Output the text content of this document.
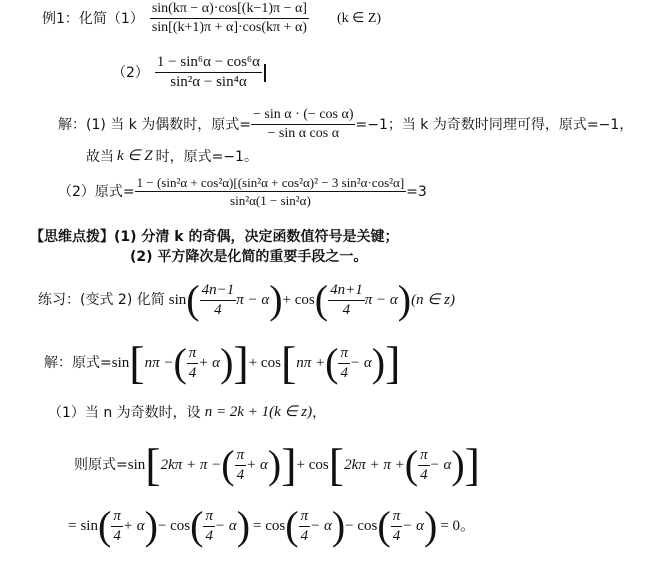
例1：化简$(1) \frac{\sin(k\pi - \alpha)\cdot\cos[(k-1)\pi - \alpha]}{\sin[(k+1)\pi + \alpha]\cdot\cos(k\pi + \alpha)} (k$ ∈ Z)
$(2) \frac{\text{1 − sin⁶α − cos⁶α}}{\text{sin²α − sin⁴α}}$
解：(1) 当 k 为偶数时，原式= $\frac{\text{− sin α · (− cos α)}}{\text{− sin α cos α}} =-1$；当 k 为奇数时同理可得，原式=−1，
故当 k ∈ Z 时，原式=−1。
（2）原式= $\frac{\text{1 − (sin²α + cos²α)[(sin²α + cos²α)² − 3 sin²α·cos²α]}}{\text{sin²α(1 − sin²α)}} =3$
【思维点拨】(1) 分清 k 的奇偶，决定函数值符号是关键；
(2) 平方降次是化简的重要手段之一。
练习：(变式 2) 化简 sin ( $\frac{4n-1}{4}$ π − α ) + cos ( $\frac{4n+1}{4}$ π − α ) (n ∈ z)
解：原式= sin [ nπ − ( $\frac{\pi}{4} + \alpha$ ) ] + cos [ nπ + ( $\frac{\pi}{4} - \alpha$ ) ]
（1）当 n 为奇数时，设 n = 2k + 1(k ∈ z) ，
则原式= sin [ 2kπ + π − ( $\frac{\pi}{4} + \alpha$ ) ] + cos [ 2kπ + π + ( $\frac{\pi}{4} - \alpha$ ) ]
= sin ( $\frac{\pi}{4} + \alpha$ ) − cos ( $\frac{\pi}{4} - \alpha$ ) = cos ( $\frac{\pi}{4} - \alpha$ ) − cos ( $\frac{\pi}{4} - \alpha$ ) = 0。
